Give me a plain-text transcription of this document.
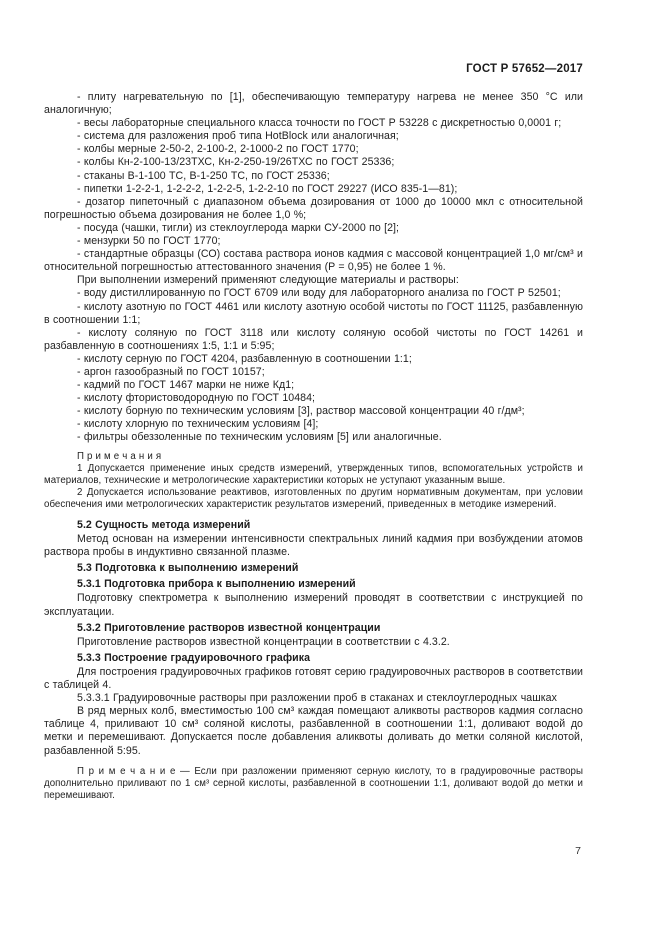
ГОСТ Р 57652—2017

- плиту нагревательную по [1], обеспечивающую температуру нагрева не менее 350 °С или аналогичную;

- весы лабораторные специального класса точности по ГОСТ Р 53228 с дискретностью 0,0001 г;

- система для разложения проб типа HotBlock или аналогичная;

- колбы мерные 2-50-2, 2-100-2, 2-1000-2 по ГОСТ 1770;

- колбы Кн-2-100-13/23ТХС, Кн-2-250-19/26ТХС по ГОСТ 25336;

- стаканы В-1-100 ТС, В-1-250 ТС, по ГОСТ 25336;

- пипетки 1-2-2-1, 1-2-2-2, 1-2-2-5, 1-2-2-10 по ГОСТ 29227 (ИСО 835-1—81);

- дозатор пипеточный с диапазоном объема дозирования от 1000 до 10000 мкл с относительной погрешностью объема дозирования не более 1,0 %;

- посуда (чашки, тигли) из стеклоуглерода марки СУ-2000 по [2];

- мензурки 50 по ГОСТ 1770;

- стандартные образцы (СО) состава раствора ионов кадмия с массовой концентрацией 1,0 мг/см³ и относительной погрешностью аттестованного значения (P = 0,95) не более 1 %.

При выполнении измерений применяют следующие материалы и растворы:

- воду дистиллированную по ГОСТ 6709 или воду для лабораторного анализа по ГОСТ Р 52501;

- кислоту азотную по ГОСТ 4461 или кислоту азотную особой чистоты по ГОСТ 11125, разбавленную в соотношении 1:1;

- кислоту соляную по ГОСТ 3118 или кислоту соляную особой чистоты по ГОСТ 14261 и разбавленную в соотношениях 1:5, 1:1 и 5:95;

- кислоту серную по ГОСТ 4204, разбавленную в соотношении 1:1;

- аргон газообразный по ГОСТ 10157;

- кадмий по ГОСТ 1467 марки не ниже Кд1;

- кислоту фтористоводородную по ГОСТ 10484;

- кислоту борную по техническим условиям [3], раствор массовой концентрации 40 г/дм³;

- кислоту хлорную по техническим условиям [4];

- фильтры обеззоленные по техническим условиям [5] или аналогичные.

П р и м е ч а н и я

1 Допускается применение иных средств измерений, утвержденных типов, вспомогательных устройств и материалов, технические и метрологические характеристики которых не уступают указанным выше.

2 Допускается использование реактивов, изготовленных по другим нормативным документам, при условии обеспечения ими метрологических характеристик результатов измерений, приведенных в методике измерений.

5.2 Сущность метода измерений

Метод основан на измерении интенсивности спектральных линий кадмия при возбуждении атомов раствора пробы в индуктивно связанной плазме.

5.3 Подготовка к выполнению измерений

5.3.1 Подготовка прибора к выполнению измерений

Подготовку спектрометра к выполнению измерений проводят в соответствии с инструкцией по эксплуатации.

5.3.2 Приготовление растворов известной концентрации

Приготовление растворов известной концентрации в соответствии с 4.3.2.

5.3.3 Построение градуировочного графика

Для построения градуировочных графиков готовят серию градуировочных растворов в соответствии с таблицей 4.

5.3.3.1 Градуировочные растворы при разложении проб в стаканах и стеклоуглеродных чашках

В ряд мерных колб, вместимостью 100 см³ каждая помещают аликвоты растворов кадмия согласно таблице 4, приливают 10 см³ соляной кислоты, разбавленной в соотношении 1:1, доливают водой до метки и перемешивают. Допускается после добавления аликвоты доливать до метки соляной кислотой, разбавленной 5:95.

П р и м е ч а н и е — Если при разложении применяют серную кислоту, то в градуировочные растворы дополнительно приливают по 1 см³ серной кислоты, разбавленной в соотношении 1:1, доливают водой до метки и перемешивают.

7
